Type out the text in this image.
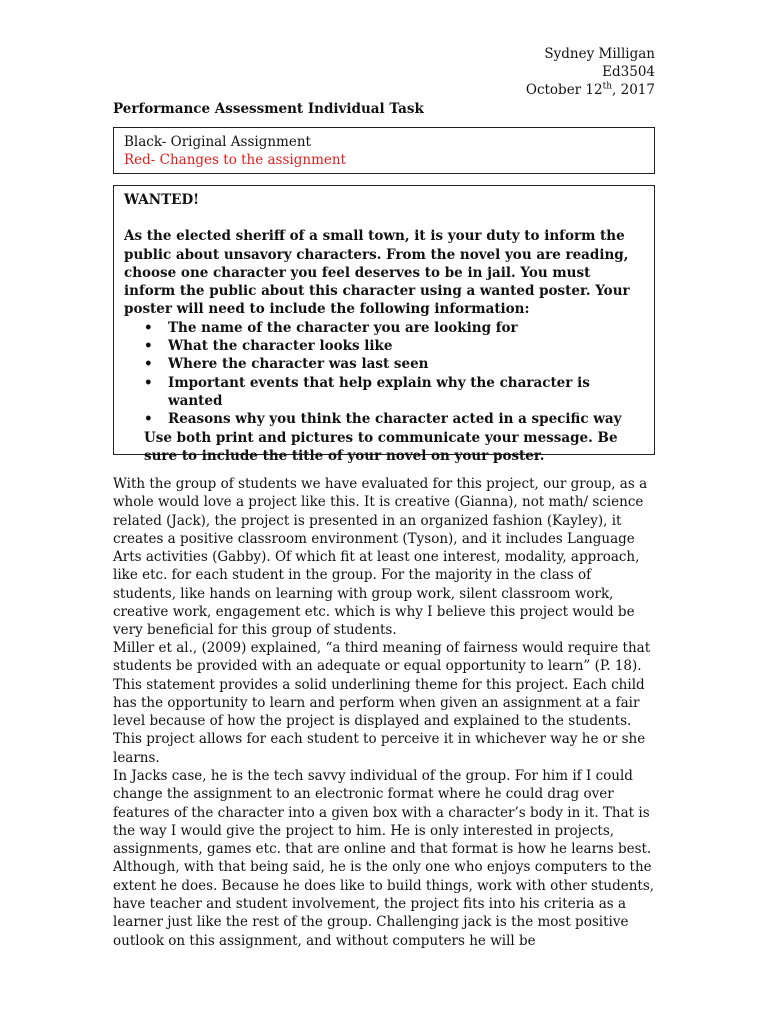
Sydney Milligan
Ed3504
October 12th, 2017
Performance Assessment Individual Task
Black- Original Assignment
Red- Changes to the assignment

WANTED!

As the elected sheriff of a small town, it is your duty to inform the public about unsavory characters. From the novel you are reading, choose one character you feel deserves to be in jail. You must inform the public about this character using a wanted poster. Your poster will need to include the following information:

• The name of the character you are looking for
• What the character looks like
• Where the character was last seen
• Important events that help explain why the character is wanted
• Reasons why you think the character acted in a specific way

Use both print and pictures to communicate your message. Be sure to include the title of your novel on your poster.

With the group of students we have evaluated for this project, our group, as a whole would love a project like this. It is creative (Gianna), not math/ science related (Jack), the project is presented in an organized fashion (Kayley), it creates a positive classroom environment (Tyson), and it includes Language Arts activities (Gabby). Of which fit at least one interest, modality, approach, like etc. for each student in the group. For the majority in the class of students, like hands on learning with group work, silent classroom work, creative work, engagement etc. which is why I believe this project would be very beneficial for this group of students.

Miller et al., (2009) explained, “a third meaning of fairness would require that students be provided with an adequate or equal opportunity to learn” (P. 18). This statement provides a solid underlining theme for this project. Each child has the opportunity to learn and perform when given an assignment at a fair level because of how the project is displayed and explained to the students. This project allows for each student to perceive it in whichever way he or she learns.

In Jacks case, he is the tech savvy individual of the group. For him if I could change the assignment to an electronic format where he could drag over features of the character into a given box with a character’s body in it. That is the way I would give the project to him. He is only interested in projects, assignments, games etc. that are online and that format is how he learns best. Although, with that being said, he is the only one who enjoys computers to the extent he does. Because he does like to build things, work with other students, have teacher and student involvement, the project fits into his criteria as a learner just like the rest of the group. Challenging jack is the most positive outlook on this assignment, and without computers he will be
